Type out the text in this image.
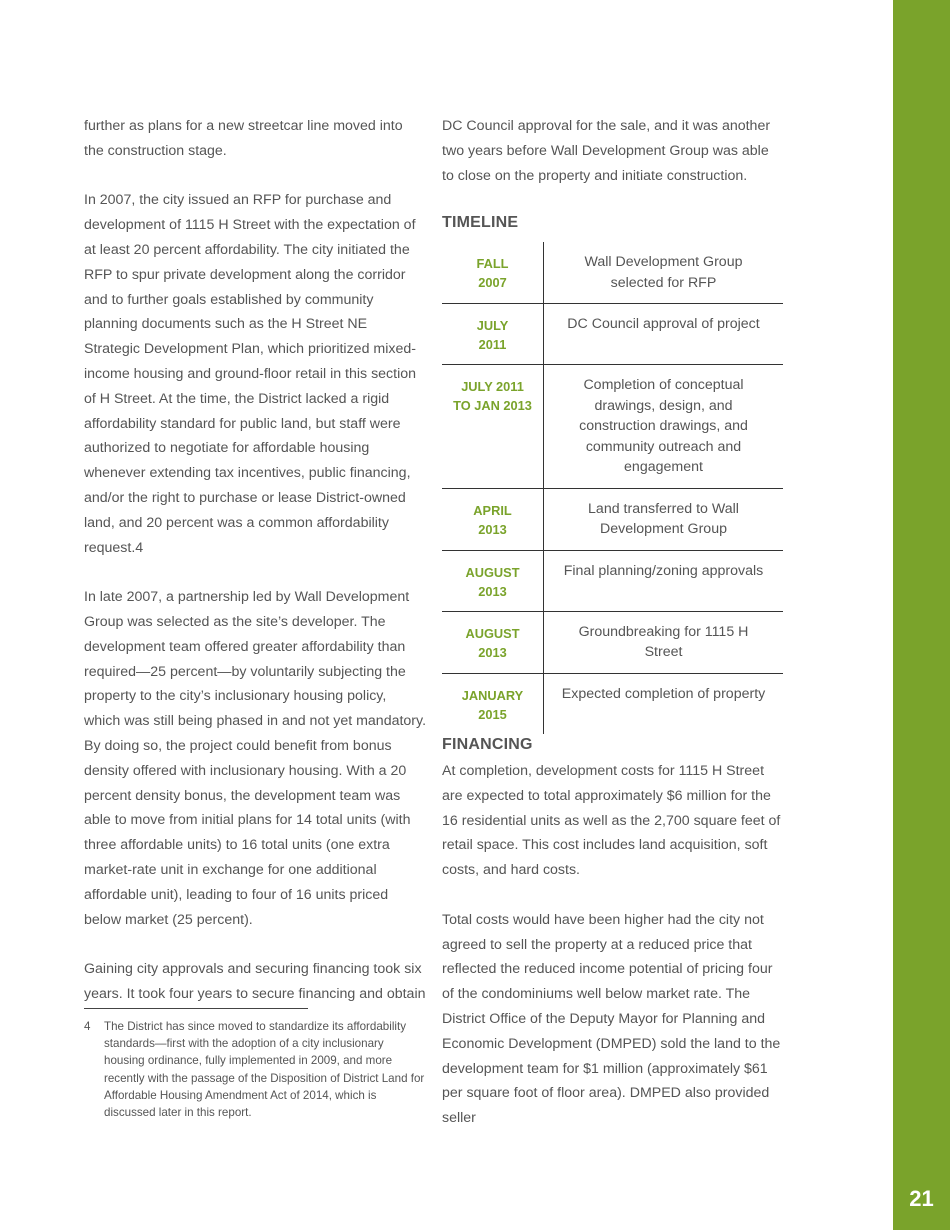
21

further as plans for a new streetcar line moved into the construction stage.

In 2007, the city issued an RFP for purchase and development of 1115 H Street with the expectation of at least 20 percent affordability. The city initiated the RFP to spur private development along the corridor and to further goals established by community planning documents such as the H Street NE Strategic Development Plan, which prioritized mixed-income housing and ground-floor retail in this section of H Street. At the time, the District lacked a rigid affordability standard for public land, but staff were authorized to negotiate for affordable housing whenever extending tax incentives, public financing, and/or the right to purchase or lease District-owned land, and 20 percent was a common affordability request.4

In late 2007, a partnership led by Wall Development Group was selected as the site’s developer. The development team offered greater affordability than required—25 percent—by voluntarily subjecting the property to the city’s inclusionary housing policy, which was still being phased in and not yet mandatory. By doing so, the project could benefit from bonus density offered with inclusionary housing. With a 20 percent density bonus, the development team was able to move from initial plans for 14 total units (with three affordable units) to 16 total units (one extra market-rate unit in exchange for one additional affordable unit), leading to four of 16 units priced below market (25 percent).

Gaining city approvals and securing financing took six years. It took four years to secure financing and obtain

4 The District has since moved to standardize its affordability standards—first with the adoption of a city inclusionary housing ordinance, fully implemented in 2009, and more recently with the passage of the Disposition of District Land for Affordable Housing Amendment Act of 2014, which is discussed later in this report.

DC Council approval for the sale, and it was another two years before Wall Development Group was able to close on the property and initiate construction.

TIMELINE
FALL
2007
Wall Development Group selected for RFP
JULY
2011
DC Council approval of project
JULY 2011
TO JAN 2013
Completion of conceptual drawings, design, and construction drawings, and community outreach and engagement
APRIL
2013
Land transferred to Wall Development Group
AUGUST
2013
Final planning/zoning approvals
AUGUST
2013
Groundbreaking for 1115 H Street
JANUARY
2015
Expected completion of property
FINANCING

At completion, development costs for 1115 H Street are expected to total approximately $6 million for the 16 residential units as well as the 2,700 square feet of retail space. This cost includes land acquisition, soft costs, and hard costs.

Total costs would have been higher had the city not agreed to sell the property at a reduced price that reflected the reduced income potential of pricing four of the condominiums well below market rate. The District Office of the Deputy Mayor for Planning and Economic Development (DMPED) sold the land to the development team for $1 million (approximately $61 per square foot of floor area). DMPED also provided seller
